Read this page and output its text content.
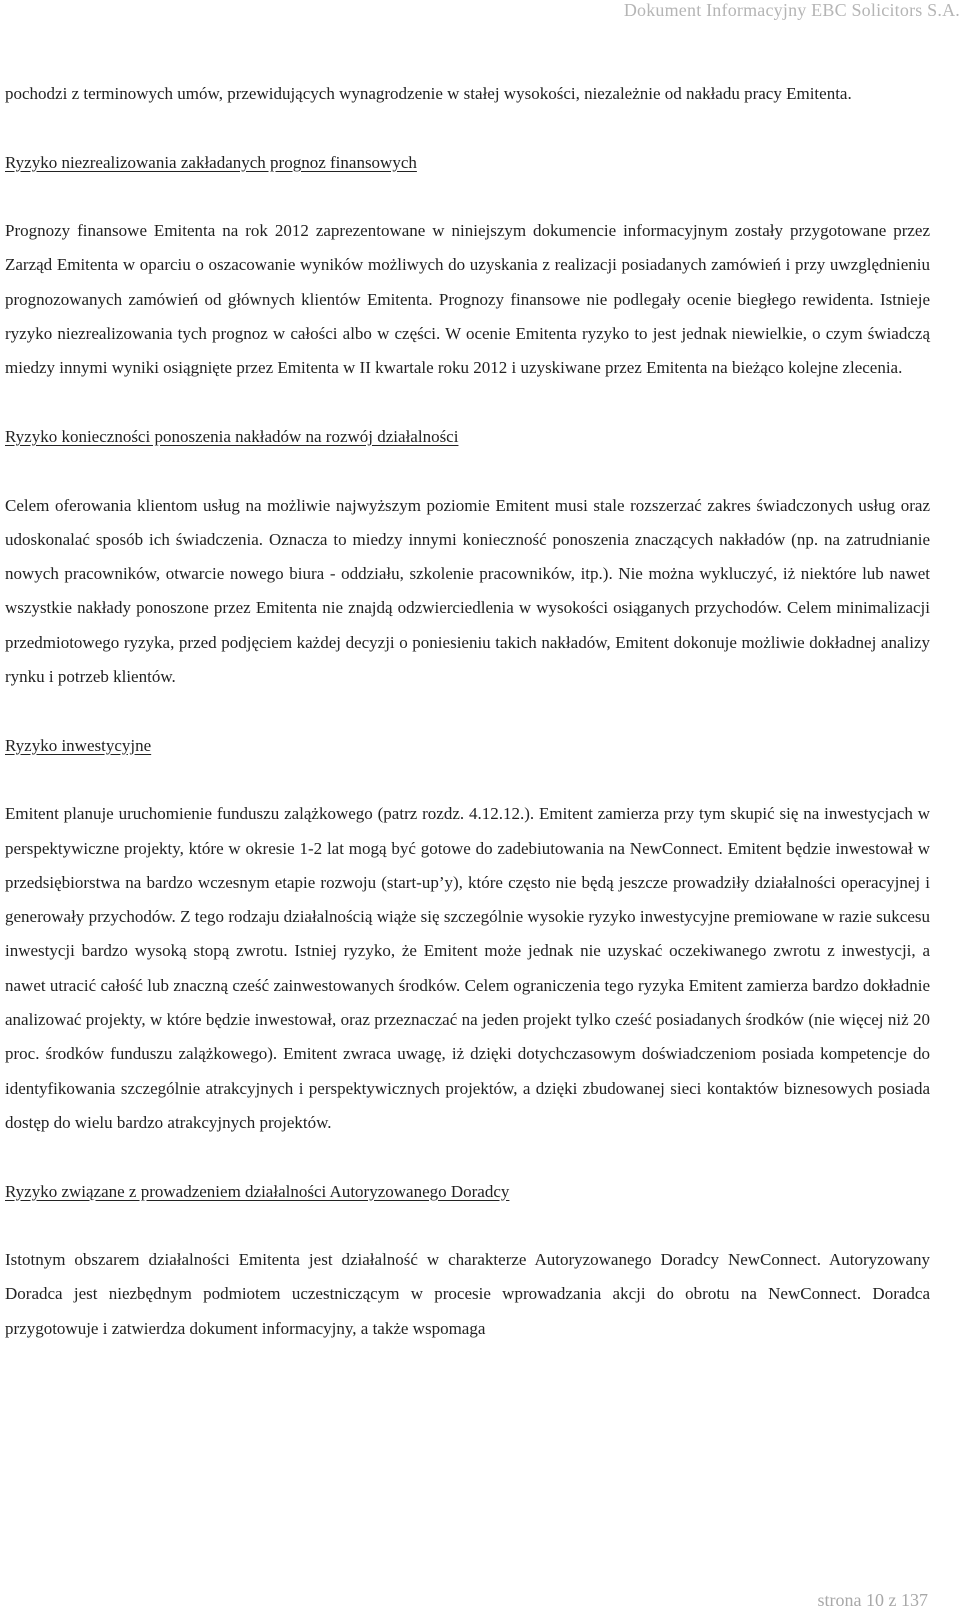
Dokument Informacyjny EBC Solicitors S.A.

pochodzi z terminowych umów, przewidujących wynagrodzenie w stałej wysokości, niezależnie od nakładu pracy Emitenta.

Ryzyko niezrealizowania zakładanych prognoz finansowych

Prognozy finansowe Emitenta na rok 2012 zaprezentowane w niniejszym dokumencie informacyjnym zostały przygotowane przez Zarząd Emitenta w oparciu o oszacowanie wyników możliwych do uzyskania z realizacji posiadanych zamówień i przy uwzględnieniu prognozowanych zamówień od głównych klientów Emitenta. Prognozy finansowe nie podlegały ocenie biegłego rewidenta. Istnieje ryzyko niezrealizowania tych prognoz w całości albo w części. W ocenie Emitenta ryzyko to jest jednak niewielkie, o czym świadczą miedzy innymi wyniki osiągnięte przez Emitenta w II kwartale roku 2012 i uzyskiwane przez Emitenta na bieżąco kolejne zlecenia.

Ryzyko konieczności ponoszenia nakładów na rozwój działalności

Celem oferowania klientom usług na możliwie najwyższym poziomie Emitent musi stale rozszerzać zakres świadczonych usług oraz udoskonalać sposób ich świadczenia. Oznacza to miedzy innymi konieczność ponoszenia znaczących nakładów (np. na zatrudnianie nowych pracowników, otwarcie nowego biura - oddziału, szkolenie pracowników, itp.). Nie można wykluczyć, iż niektóre lub nawet wszystkie nakłady ponoszone przez Emitenta nie znajdą odzwierciedlenia w wysokości osiąganych przychodów. Celem minimalizacji przedmiotowego ryzyka, przed podjęciem każdej decyzji o poniesieniu takich nakładów, Emitent dokonuje możliwie dokładnej analizy rynku i potrzeb klientów.

Ryzyko inwestycyjne

Emitent planuje uruchomienie funduszu zalążkowego (patrz rozdz. 4.12.12.). Emitent zamierza przy tym skupić się na inwestycjach w perspektywiczne projekty, które w okresie 1-2 lat mogą być gotowe do zadebiutowania na NewConnect. Emitent będzie inwestował w przedsiębiorstwa na bardzo wczesnym etapie rozwoju (start-up’y), które często nie będą jeszcze prowadziły działalności operacyjnej i generowały przychodów. Z tego rodzaju działalnością wiąże się szczególnie wysokie ryzyko inwestycyjne premiowane w razie sukcesu inwestycji bardzo wysoką stopą zwrotu. Istniej ryzyko, że Emitent może jednak nie uzyskać oczekiwanego zwrotu z inwestycji, a nawet utracić całość lub znaczną cześć zainwestowanych środków. Celem ograniczenia tego ryzyka Emitent zamierza bardzo dokładnie analizować projekty, w które będzie inwestował, oraz przeznaczać na jeden projekt tylko cześć posiadanych środków (nie więcej niż 20 proc. środków funduszu zalążkowego). Emitent zwraca uwagę, iż dzięki dotychczasowym doświadczeniom posiada kompetencje do identyfikowania szczególnie atrakcyjnych i perspektywicznych projektów, a dzięki zbudowanej sieci kontaktów biznesowych posiada dostęp do wielu bardzo atrakcyjnych projektów.

Ryzyko związane z prowadzeniem działalności Autoryzowanego Doradcy

Istotnym obszarem działalności Emitenta jest działalność w charakterze Autoryzowanego Doradcy NewConnect. Autoryzowany Doradca jest niezbędnym podmiotem uczestniczącym w procesie wprowadzania akcji do obrotu na NewConnect. Doradca przygotowuje i zatwierdza dokument informacyjny, a także wspomaga

strona 10 z 137
